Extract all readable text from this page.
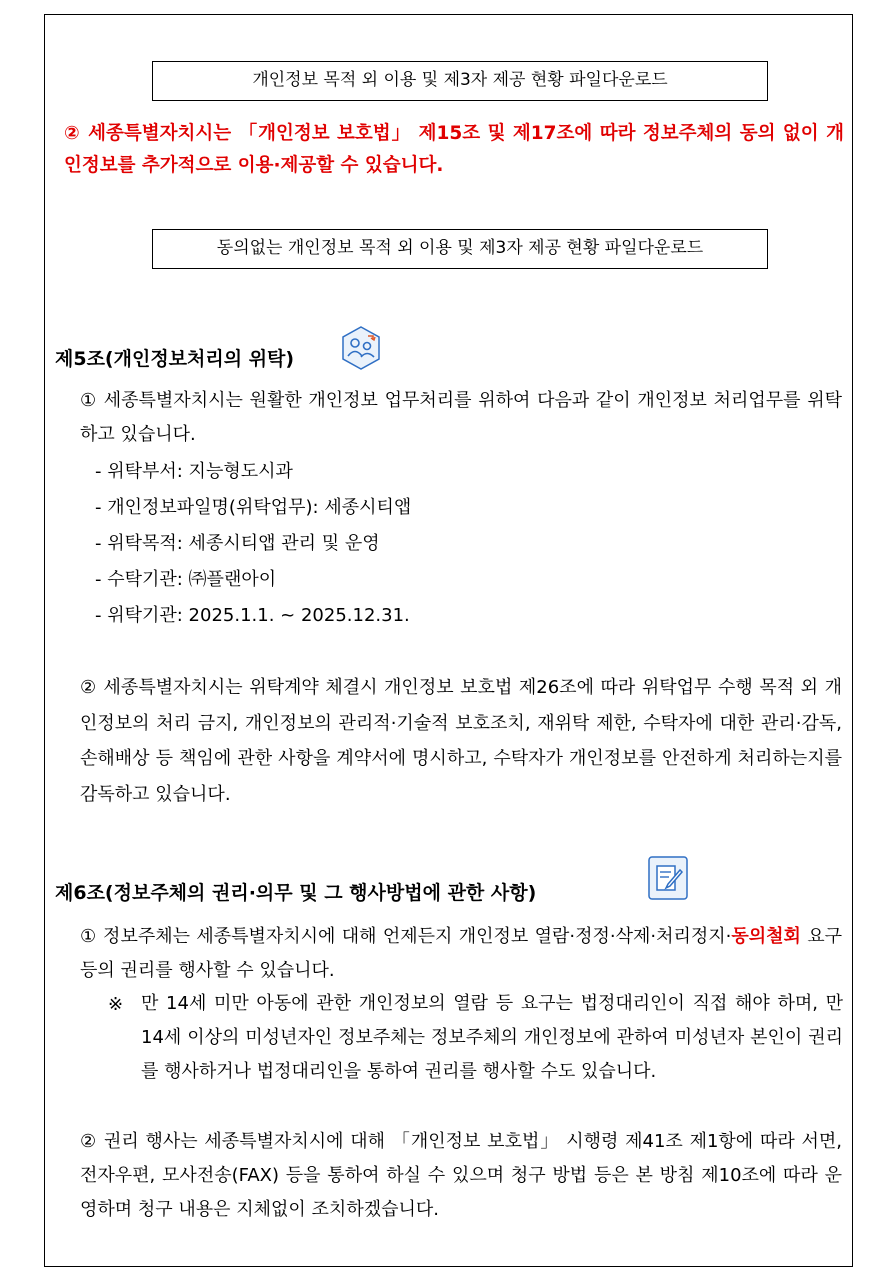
개인정보 목적 외 이용 및 제3자 제공 현황 파일다운로드
② 세종특별자치시는 「개인정보 보호법」 제15조 및 제17조에 따라 정보주체의 동의 없이 개인정보를 추가적으로 이용·제공할 수 있습니다.
동의없는 개인정보 목적 외 이용 및 제3자 제공 현황 파일다운로드
제5조(개인정보처리의 위탁)
① 세종특별자치시는 원활한 개인정보 업무처리를 위하여 다음과 같이 개인정보 처리업무를 위탁하고 있습니다.
- 위탁부서: 지능형도시과
- 개인정보파일명(위탁업무): 세종시티앱
- 위탁목적: 세종시티앱 관리 및 운영
- 수탁기관: ㈜플랜아이
- 위탁기관: 2025.1.1. ~ 2025.12.31.
② 세종특별자치시는 위탁계약 체결시 개인정보 보호법 제26조에 따라 위탁업무 수행 목적 외 개인정보의 처리 금지, 개인정보의 관리적·기술적 보호조치, 재위탁 제한, 수탁자에 대한 관리·감독, 손해배상 등 책임에 관한 사항을 계약서에 명시하고, 수탁자가 개인정보를 안전하게 처리하는지를 감독하고 있습니다.
제6조(정보주체의 권리·의무 및 그 행사방법에 관한 사항)
① 정보주체는 세종특별자치시에 대해 언제든지 개인정보 열람·정정·삭제·처리정지·동의철회 요구 등의 권리를 행사할 수 있습니다.
※ 만 14세 미만 아동에 관한 개인정보의 열람 등 요구는 법정대리인이 직접 해야 하며, 만 14세 이상의 미성년자인 정보주체는 정보주체의 개인정보에 관하여 미성년자 본인이 권리를 행사하거나 법정대리인을 통하여 권리를 행사할 수도 있습니다.
② 권리 행사는 세종특별자치시에 대해 「개인정보 보호법」 시행령 제41조 제1항에 따라 서면, 전자우편, 모사전송(FAX) 등을 통하여 하실 수 있으며 청구 방법 등은 본 방침 제10조에 따라 운영하며 청구 내용은 지체없이 조치하겠습니다.
